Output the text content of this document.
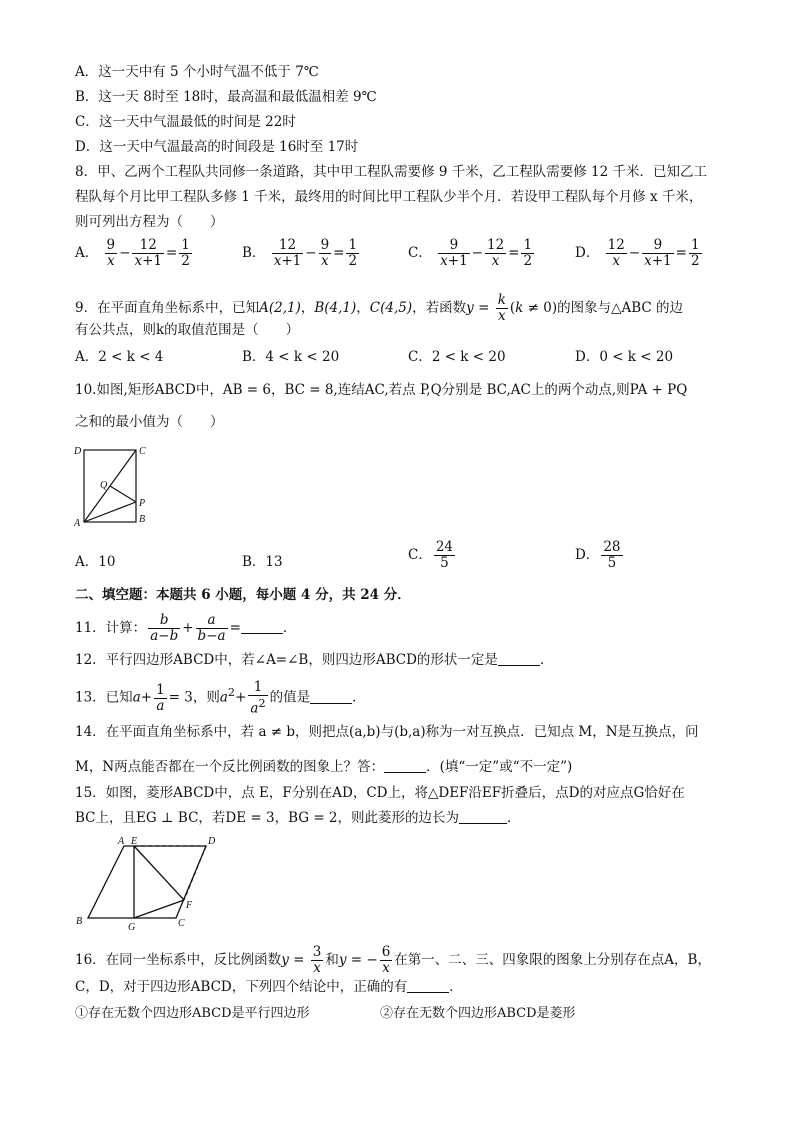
A．这一天中有 5 个小时气温不低于 7℃
B．这一天 8时至 18时，最高温和最低温相差 9℃
C．这一天中气温最低的时间是 22时
D．这一天中气温最高的时间段是 16时至 17时
8．甲、乙两个工程队共同修一条道路，其中甲工程队需要修 9 千米，乙工程队需要修 12 千米．已知乙工
程队每个月比甲工程队多修 1 千米，最终用的时间比甲工程队少半个月．若设甲工程队每个月修 x 千米，
则可列出方程为（　　）
A． $\frac{9}{x} - \frac{12}{x+1} = \frac{1}{2}$	B． $\frac{12}{x+1} - \frac{9}{x} = \frac{1}{2}$	C． $\frac{9}{x+1} - \frac{12}{x} = \frac{1}{2}$	D． $\frac{12}{x} - \frac{9}{x+1} = \frac{1}{2}$
9．在平面直角坐标系中，已知A(2,1)，B(4,1)，C(4,5)，若函数$y = \frac{k}{x} (k \ne 0)$的图象与△ABC 的边
有公共点，则k的取值范围是（　　）
A．2 < k < 4	B．4 < k < 20	C．2 < k < 20	D．0 < k < 20
10.如图,矩形ABCD中，AB = 6，BC = 8,连结AC,若点 P,Q分别是 BC,AC上的两个动点,则PA + PQ
之和的最小值为（　　）
D	C
Q
P
B
A
A．10	B．13	C． $\frac{24}{5}$	D． $\frac{28}{5}$
二、填空题：本题共 6 小题，每小题 4 分，共 24 分．
11．计算： $\frac{b}{a-b} + \frac{a}{b-a}$ =	．
12．平行四边形ABCD中，若∠A=∠B，则四边形ABCD的形状一定是	．
13．已知$a+ \frac{1}{a} = 3$，则$a^2+ \frac{1}{a^2}$ 的值是	．
14．在平面直角坐标系中，若 a ≠ b，则把点(a,b)与(b,a)称为一对互换点．已知点 M，N是互换点，问
M，N两点能否都在一个反比例函数的图象上？答：	．(填“一定”或“不一定”)
15．如图，菱形ABCD中，点 E，F分别在AD，CD上，将△DEF沿EF折叠后，点D的对应点G恰好在
BC上，且EG ⊥ BC，若DE = 3，BG = 2，则此菱形的边长为	．
A E	D
F
B
G	C
16．在同一坐标系中，反比例函数$y = \frac{3}{x}$ 和y = − $\frac{6}{x}$ 在第一、二、三、四象限的图象上分别存在点A，B，
C，D，对于四边形ABCD，下列四个结论中，正确的有	．
①存在无数个四边形ABCD是平行四边形	②存在无数个四边形ABCD是菱形
